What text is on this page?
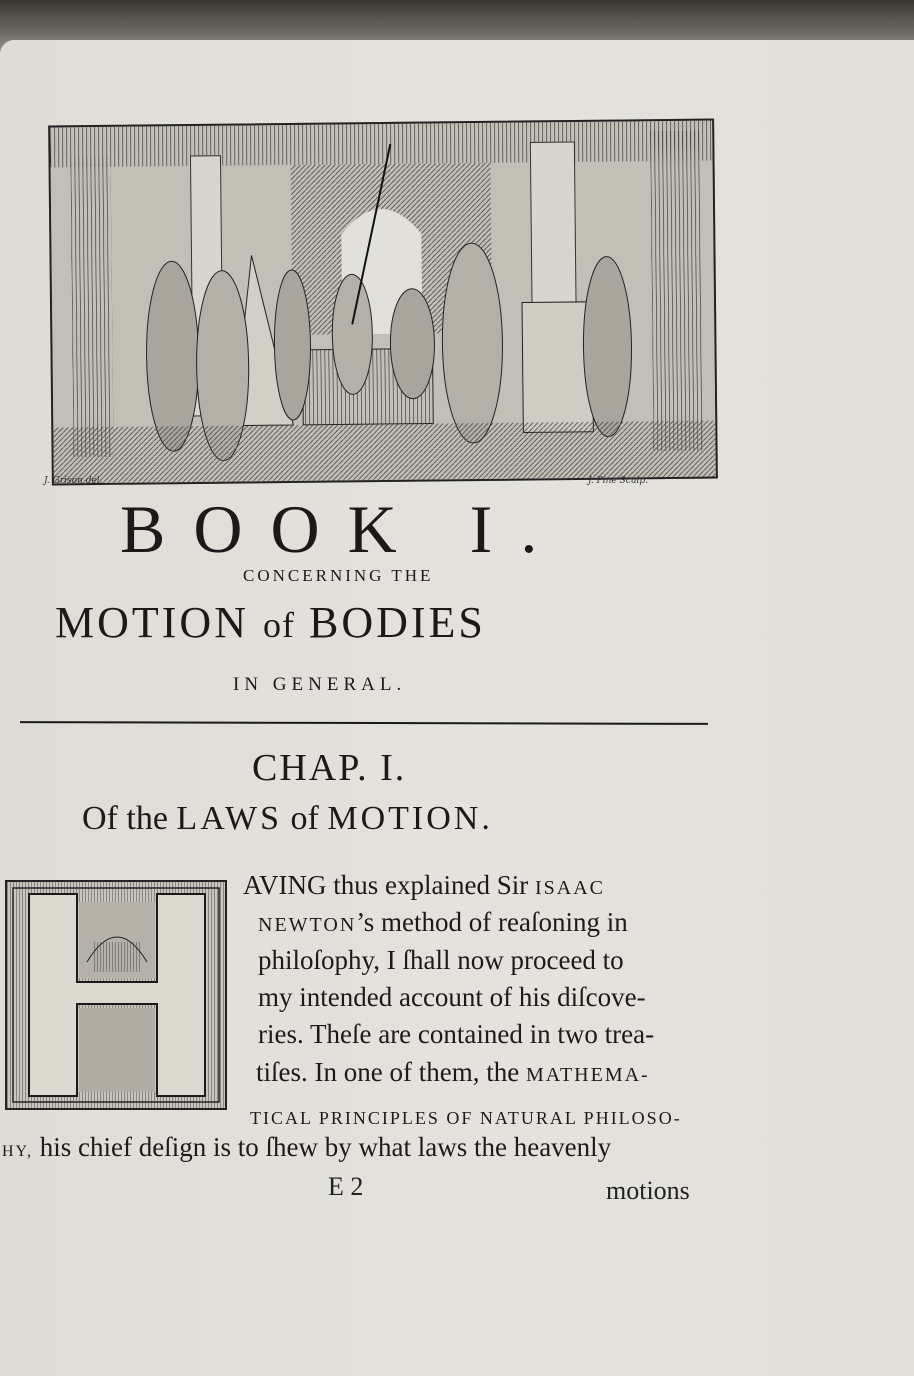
J. Grison del.	J. Pine Sculp.
BOOK I.
CONCERNING THE
MOTION of BODIES
IN GENERAL.
CHAP. I.
Of the LAWS of MOTION.
AVING thus explained Sir ISAAC
NEWTON’s method of reaſoning in
philoſophy, I ſhall now proceed to
my intended account of his diſcove-
ries. Theſe are contained in two trea-
tiſes. In one of them, the MATHEMA-
TICAL PRINCIPLES OF NATURAL PHILOSO-
HY, his chief deſign is to ſhew by what laws the heavenly
E 2	motions
